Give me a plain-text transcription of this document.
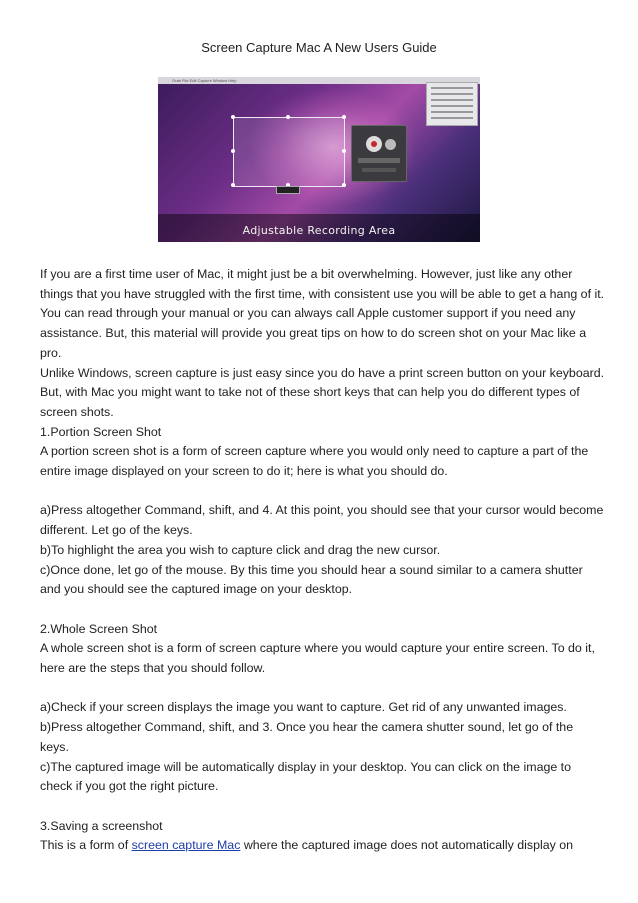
Screen Capture Mac A New Users Guide
Grab File Edit Capture Window Help
Adjustable Recording Area

If you are a first time user of Mac, it might just be a bit overwhelming. However, just like any other things that you have struggled with the first time, with consistent use you will be able to get a hang of it. You can read through your manual or you can always call Apple customer support if you need any assistance. But, this material will provide you great tips on how to do screen shot on your Mac like a pro.

Unlike Windows, screen capture is just easy since you do have a print screen button on your keyboard. But, with Mac you might want to take not of these short keys that can help you do different types of screen shots.

1.Portion Screen Shot

A portion screen shot is a form of screen capture where you would only need to capture a part of the entire image displayed on your screen to do it; here is what you should do.

a)Press altogether Command, shift, and 4. At this point, you should see that your cursor would become different. Let go of the keys.

b)To highlight the area you wish to capture click and drag the new cursor.

c)Once done, let go of the mouse. By this time you should hear a sound similar to a camera shutter and you should see the captured image on your desktop.

2.Whole Screen Shot

A whole screen shot is a form of screen capture where you would capture your entire screen. To do it, here are the steps that you should follow.

a)Check if your screen displays the image you want to capture. Get rid of any unwanted images.

b)Press altogether Command, shift, and 3. Once you hear the camera shutter sound, let go of the keys.

c)The captured image will be automatically display in your desktop. You can click on the image to check if you got the right picture.

3.Saving a screenshot

This is a form of screen capture Mac where the captured image does not automatically display on
